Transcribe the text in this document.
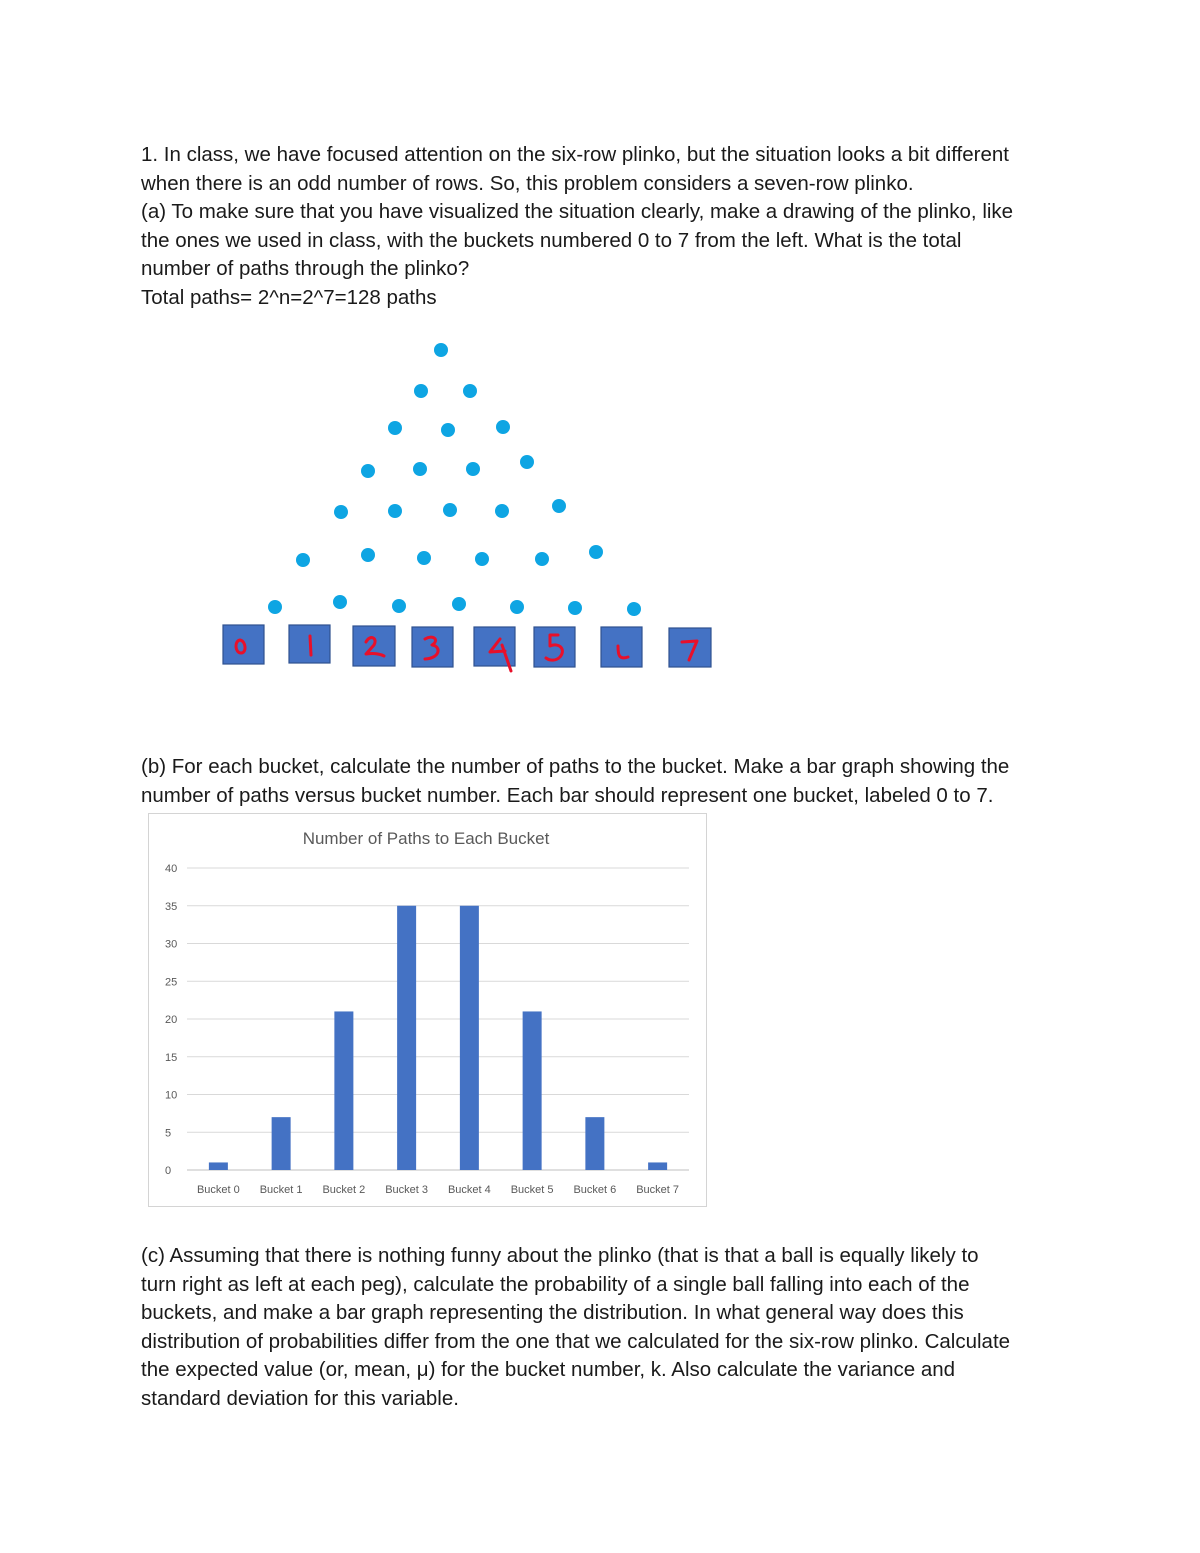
1. In class, we have focused attention on the six-row plinko, but the situation looks a bit different
when there is an odd number of rows. So, this problem considers a seven-row plinko.
(a) To make sure that you have visualized the situation clearly, make a drawing of the plinko, like
the ones we used in class, with the buckets numbered 0 to 7 from the left. What is the total
number of paths through the plinko?
Total paths= 2^n=2^7=128 paths
(b) For each bucket, calculate the number of paths to the bucket. Make a bar graph showing the
number of paths versus bucket number. Each bar should represent one bucket, labeled 0 to 7.
Number of Paths to Each Bucket
0
5
10
15
20
25
30
35
40
Bucket 0 Bucket 1 Bucket 2 Bucket 3 Bucket 4 Bucket 5 Bucket 6 Bucket 7
(c) Assuming that there is nothing funny about the plinko (that is that a ball is equally likely to
turn right as left at each peg), calculate the probability of a single ball falling into each of the
buckets, and make a bar graph representing the distribution. In what general way does this
distribution of probabilities differ from the one that we calculated for the six-row plinko. Calculate
the expected value (or, mean, μ) for the bucket number, k. Also calculate the variance and
standard deviation for this variable.
